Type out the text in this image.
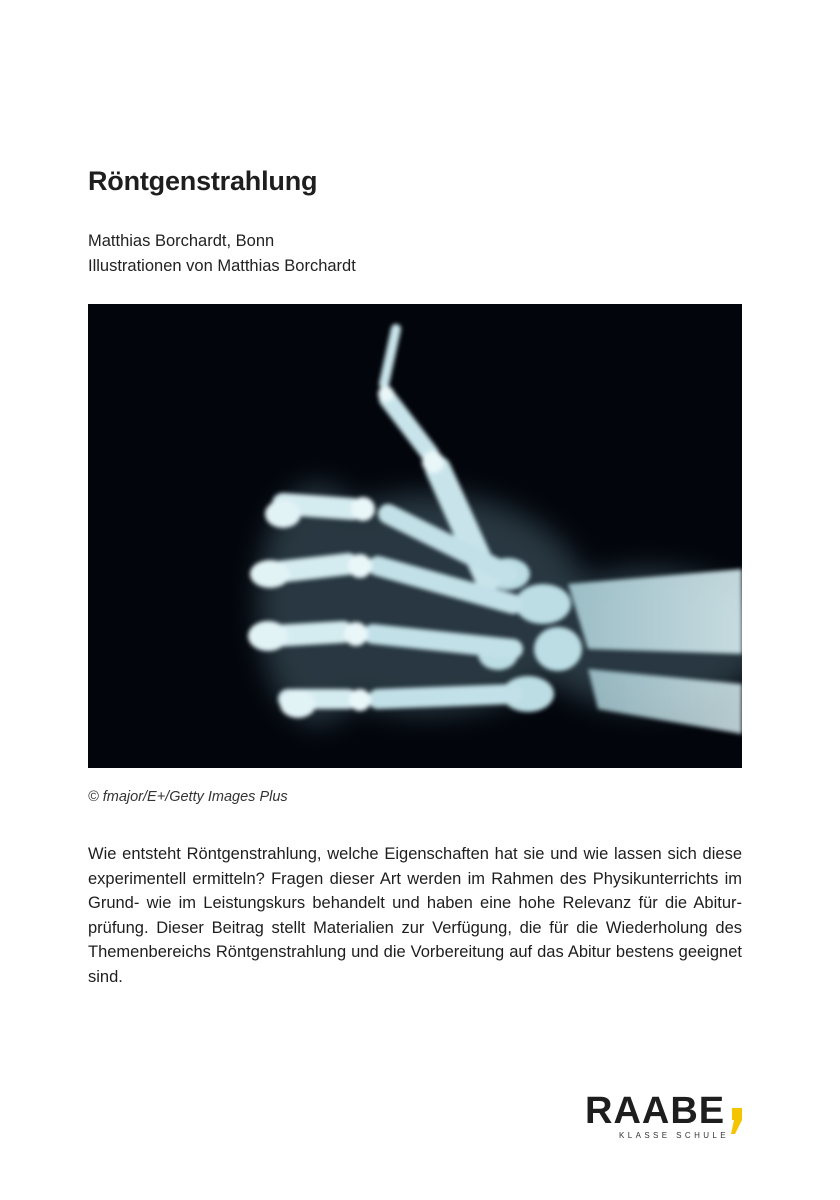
Röntgenstrahlung
Matthias Borchardt, Bonn
Illustrationen von Matthias Borchardt
© fmajor/E+/Getty Images Plus

Wie entsteht Röntgenstrahlung, welche Eigenschaften hat sie und wie lassen sich diese experimentell ermitteln? Fragen dieser Art werden im Rahmen des Physikunterrichts im Grund- wie im Leistungskurs behandelt und haben eine hohe Relevanz für die Abiturprüfung. Dieser Beitrag stellt Materialien zur Verfügung, die für die Wiederholung des Themenbereichs Röntgenstrahlung und die Vorbereitung auf das Abitur bestens geeignet sind.

RAABE
KLASSE SCHULE
